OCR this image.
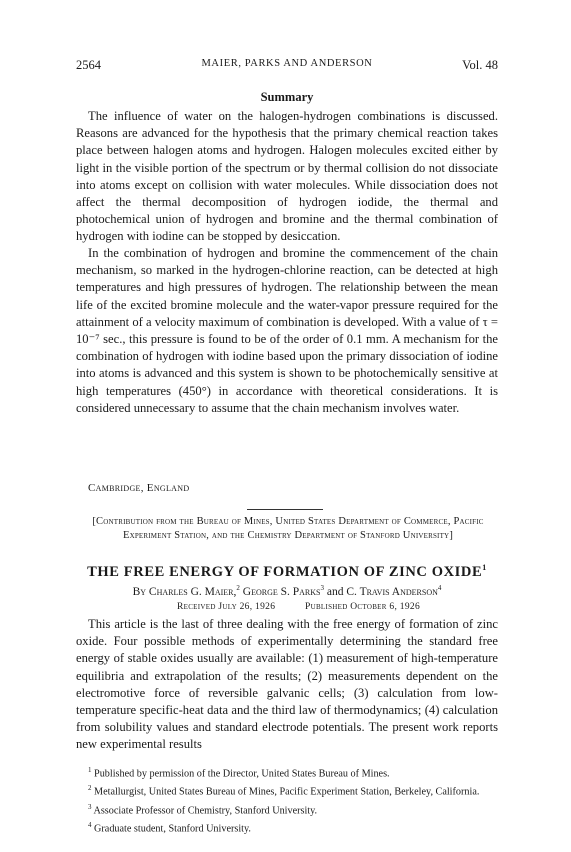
2564	MAIER, PARKS AND ANDERSON	Vol. 48
Summary

The influence of water on the halogen-hydrogen combinations is discussed. Reasons are advanced for the hypothesis that the primary chemical reaction takes place between halogen atoms and hydrogen. Halogen molecules excited either by light in the visible portion of the spectrum or by thermal collision do not dissociate into atoms except on collision with water molecules. While dissociation does not affect the thermal decomposition of hydrogen iodide, the thermal and photochemical union of hydrogen and bromine and the thermal combination of hydrogen with iodine can be stopped by desiccation.

In the combination of hydrogen and bromine the commencement of the chain mechanism, so marked in the hydrogen-chlorine reaction, can be detected at high temperatures and high pressures of hydrogen. The relationship between the mean life of the excited bromine molecule and the water-vapor pressure required for the attainment of a velocity maximum of combination is developed. With a value of τ = 10⁻⁷ sec., this pressure is found to be of the order of 0.1 mm. A mechanism for the combination of hydrogen with iodine based upon the primary dissociation of iodine into atoms is advanced and this system is shown to be photochemically sensitive at high temperatures (450°) in accordance with theoretical considerations. It is considered unnecessary to assume that the chain mechanism involves water.

Cambridge, England
[Contribution from the Bureau of Mines, United States Department of Commerce, Pacific Experiment Station, and the Chemistry Department of Stanford University]
THE FREE ENERGY OF FORMATION OF ZINC OXIDE$^1$
By Charles G. Maier,$^2$ George S. Parks$^3$ and C. Travis Anderson$^4$
Received July 26, 1926	Published October 6, 1926

This article is the last of three dealing with the free energy of formation of zinc oxide. Four possible methods of experimentally determining the standard free energy of stable oxides usually are available: (1) measurement of high-temperature equilibria and extrapolation of the results; (2) measurements dependent on the electromotive force of reversible galvanic cells; (3) calculation from low-temperature specific-heat data and the third law of thermodynamics; (4) calculation from solubility values and standard electrode potentials. The present work reports new experimental results

$^1$ Published by permission of the Director, United States Bureau of Mines.

$^2$ Metallurgist, United States Bureau of Mines, Pacific Experiment Station, Berkeley, California.

$^3$ Associate Professor of Chemistry, Stanford University.

$^4$ Graduate student, Stanford University.
